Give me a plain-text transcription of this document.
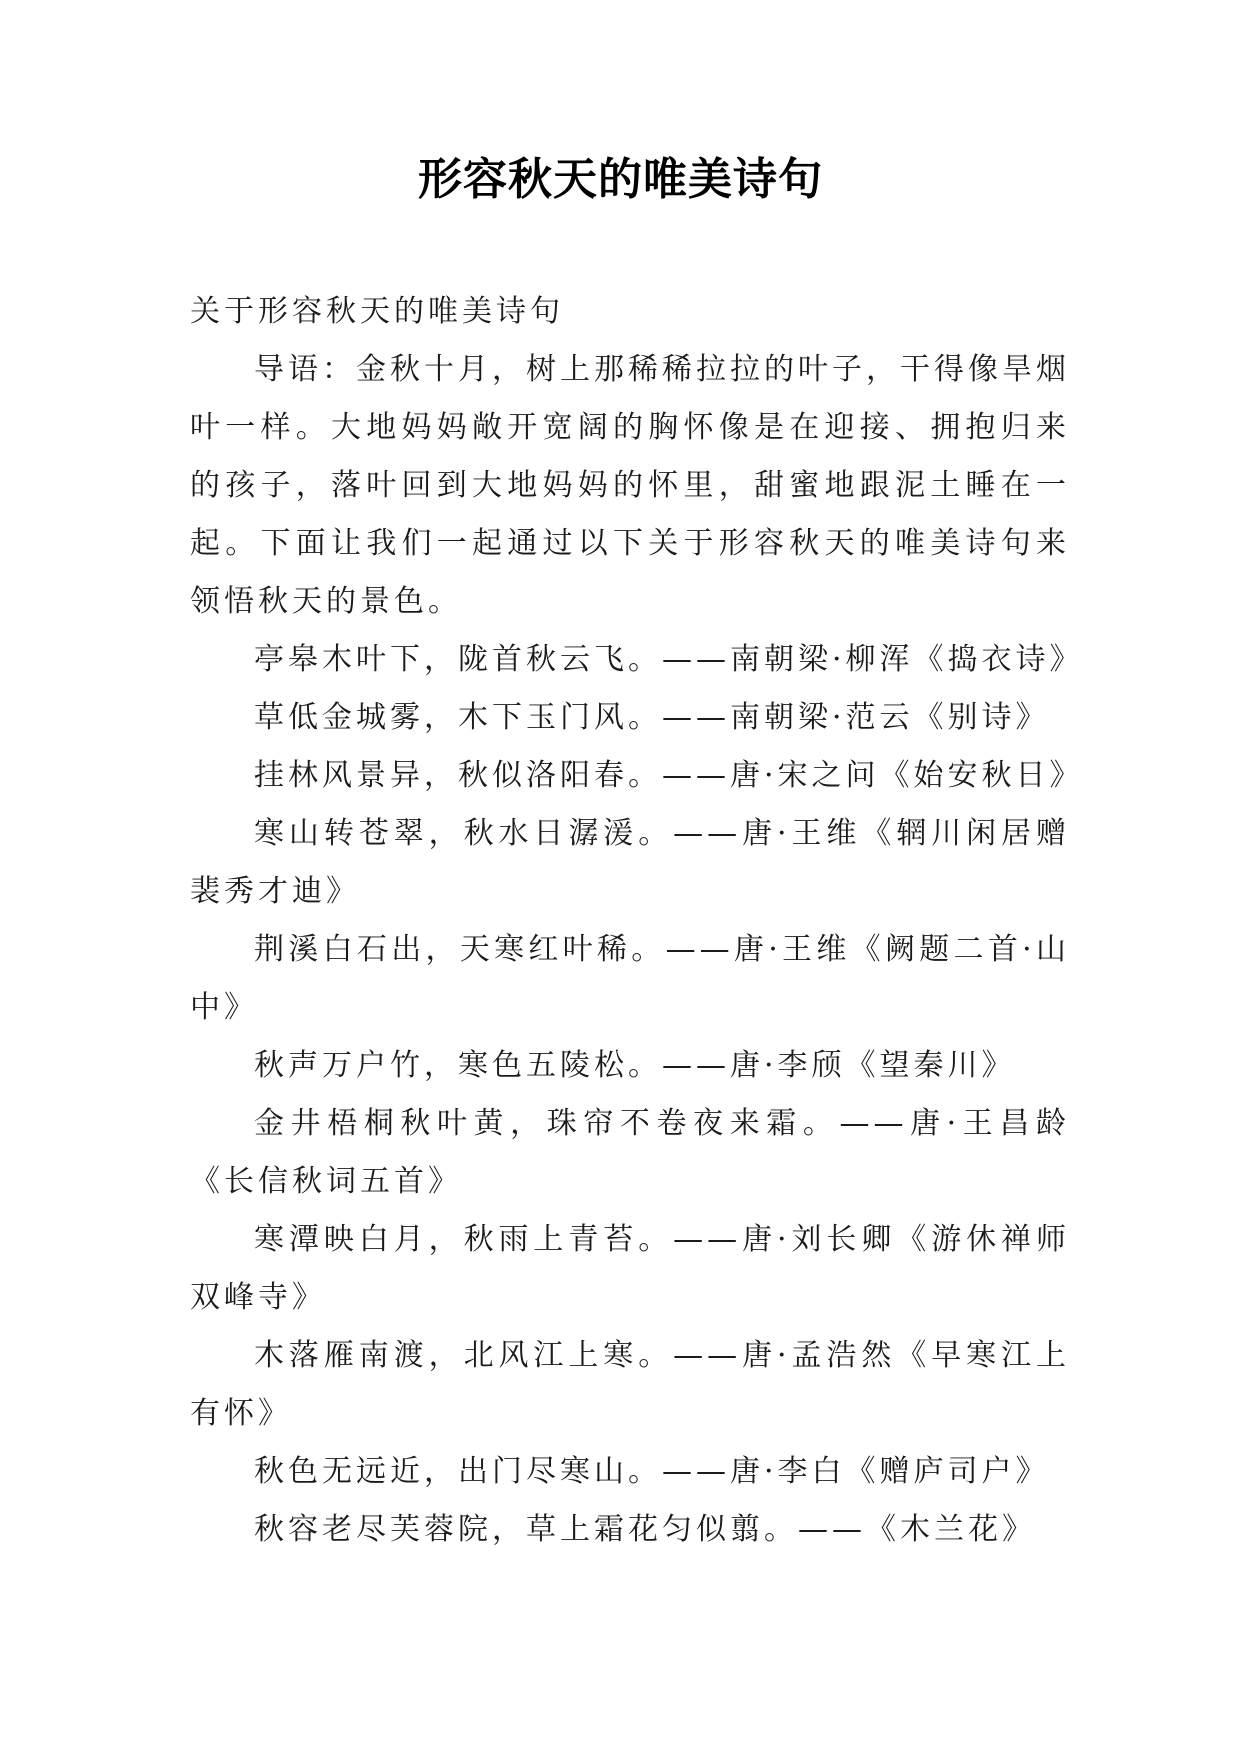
形容秋天的唯美诗句

关于形容秋天的唯美诗句

导语：金秋十月，树上那稀稀拉拉的叶子，干得像旱烟叶一样。大地妈妈敞开宽阔的胸怀像是在迎接、拥抱归来的孩子，落叶回到大地妈妈的怀里，甜蜜地跟泥土睡在一起。下面让我们一起通过以下关于形容秋天的唯美诗句来领悟秋天的景色。

亭皋木叶下，陇首秋云飞。——南朝梁·柳浑《捣衣诗》

草低金城雾，木下玉门风。——南朝梁·范云《别诗》

挂林风景异，秋似洛阳春。——唐·宋之问《始安秋日》

寒山转苍翠，秋水日潺湲。——唐·王维《辋川闲居赠裴秀才迪》

荆溪白石出，天寒红叶稀。——唐·王维《阙题二首·山中》

秋声万户竹，寒色五陵松。——唐·李颀《望秦川》

金井梧桐秋叶黄，珠帘不卷夜来霜。——唐·王昌龄《长信秋词五首》

寒潭映白月，秋雨上青苔。——唐·刘长卿《游休禅师双峰寺》

木落雁南渡，北风江上寒。——唐·孟浩然《早寒江上有怀》

秋色无远近，出门尽寒山。——唐·李白《赠庐司户》

秋容老尽芙蓉院，草上霜花匀似翦。——《木兰花》
